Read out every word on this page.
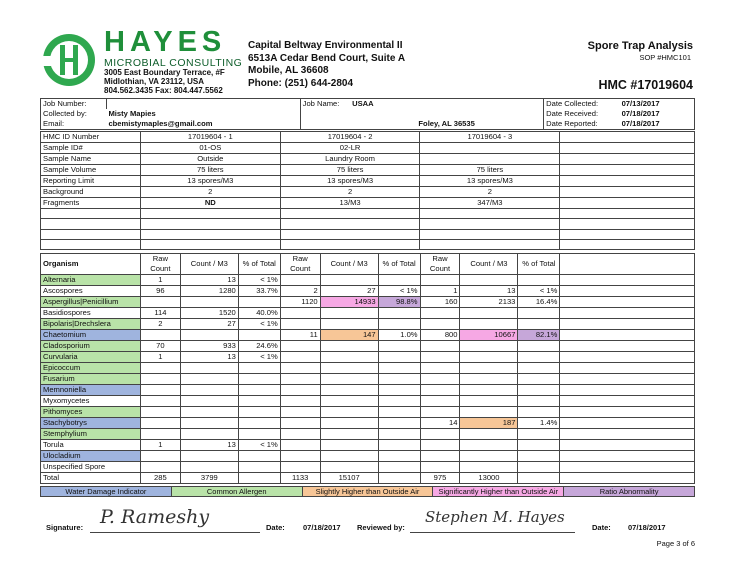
HAYES
MICROBIAL CONSULTING
3005 East Boundary Terrace, #F
Midlothian, VA 23112, USA
804.562.3435 Fax: 804.447.5562
Capital Beltway Environmental II
6513A Cedar Bend Court, Suite A
Mobile, AL 36608
Phone: (251) 644-2804
Spore Trap Analysis
SOP #HMC101
HMC #17019604
Job Number:		Job Name:	USAA	Date Collected:	07/13/2017
Collected by:	Misty Mapies			Date Received:	07/18/2017
Email:	cbemistymaples@gmail.com		Foley, AL 36535	Date Reported:	07/18/2017
HMC ID Number	17019604 - 1	17019604 - 2	17019604 - 3	
Sample ID#	01-OS	02-LR		
Sample Name	Outside	Laundry Room		
Sample Volume	75 liters	75 liters	75 liters	
Reporting Limit	13 spores/M3	13 spores/M3	13 spores/M3	
Background	2	2	2	
Fragments	ND	13/M3	347/M3	

Organism	Raw Count	Count / M3	% of Total	Raw Count	Count / M3	% of Total	Raw Count	Count / M3	% of Total	
Alternaria	1	13	< 1%							
Ascospores	96	1280	33.7%	2	27	< 1%	1	13	< 1%	
Aspergillus|Penicillium				1120	14933	98.8%	160	2133	16.4%	
Basidiospores	114	1520	40.0%							
Bipolaris|Drechslera	2	27	< 1%							
Chaetomium				11	147	1.0%	800	10667	82.1%	
Cladosporium	70	933	24.6%							
Curvularia	1	13	< 1%							
Epicoccum										
Fusarium										
Memnoniella										
Myxomycetes										
Pithomyces										
Stachybotrys							14	187	1.4%	
Stemphylium										
Torula	1	13	< 1%							
Ulocladium										
Unspecified Spore										
Total	285	3799		1133	15107		975	13000		
Water Damage Indicator	Common Allergen	Slightly Higher than Outside Air	Significantly Higher than Outside Air	Ratio Abnormality
Signature: P. Rameshy	Date: 07/18/2017 Reviewed by:
Stephen M. Hayes
Date: 07/18/2017
Page 3 of 6
